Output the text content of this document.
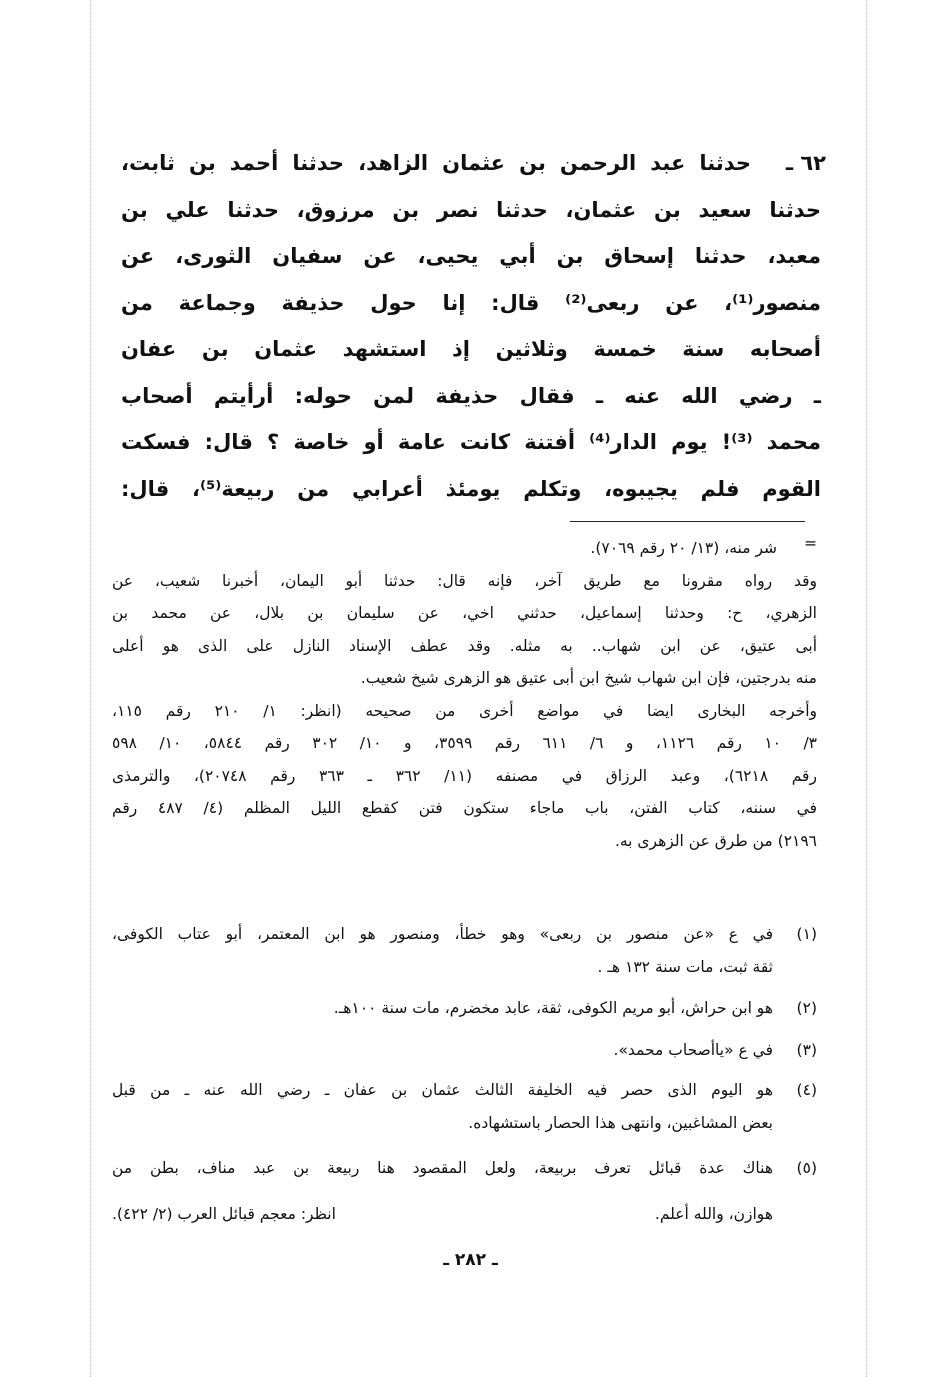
٦٢ ـ
حدثنا عبد الرحمن بن عثمان الزاهد، حدثنا أحمد بن ثابت،
حدثنا سعيد بن عثمان، حدثنا نصر بن مرزوق، حدثنا علي بن
معبد، حدثنا إسحاق بن أبي يحيى، عن سفيان الثورى، عن
منصور⁽¹⁾، عن ربعى⁽²⁾ قال: إنا حول حذيفة وجماعة من
أصحابه سنة خمسة وثلاثين إذ استشهد عثمان بن عفان
ـ رضي الله عنه ـ فقال حذيفة لمن حوله: أرأيتم أصحاب
محمد ⁽³⁾! يوم الدار⁽⁴⁾ أفتنة كانت عامة أو خاصة ؟ قال: فسكت
القوم فلم يجيبوه، وتكلم يومئذ أعرابي من ربيعة⁽⁵⁾، قال:
=
شر منه، (١٣/ ٢٠ رقم ٧٠٦٩).
وقد رواه مقرونا مع طريق آخر، فإنه قال: حدثنا أبو اليمان، أخبرنا شعيب، عن
الزهري، ح: وحدثنا إسماعيل، حدثني اخي، عن سليمان بن بلال، عن محمد بن
أبى عتيق، عن ابن شهاب.. به مثله. وقد عطف الإسناد النازل على الذى هو أعلى
منه بدرجتين، فإن ابن شهاب شيخ ابن أبى عتيق هو الزهرى شيخ شعيب.
وأخرجه البخارى ايضا في مواضع أخرى من صحيحه (انظر: ١/ ٢١٠ رقم ١١٥،
٣/ ١٠ رقم ١١٢٦، و ٦/ ٦١١ رقم ٣٥٩٩، و ١٠/ ٣٠٢ رقم ٥٨٤٤، ١٠/ ٥٩٨
رقم ٦٢١٨)، وعبد الرزاق في مصنفه (١١/ ٣٦٢ ـ ٣٦٣ رقم ٢٠٧٤٨)، والترمذى
في سننه، كتاب الفتن، باب ماجاء ستكون فتن كقطع الليل المظلم (٤/ ٤٨٧ رقم
٢١٩٦) من طرق عن الزهرى به.
(١)
في ع «عن منصور بن ربعى» وهو خطأ، ومنصور هو ابن المعتمر، أبو عتاب الكوفى،
ثقة ثبت، مات سنة ١٣٢ هـ .
(٢)
هو ابن حراش، أبو مريم الكوفى، ثقة، عابد مخضرم، مات سنة ١٠٠هـ.
(٣)
في ع «ياأصحاب محمد».
(٤)
هو اليوم الذى حصر فيه الخليفة الثالث عثمان بن عفان ـ رضي الله عنه ـ من قبل
بعض المشاغبين، وانتهى هذا الحصار باستشهاده.
(٥)
هناك عدة قبائل تعرف بربيعة، ولعل المقصود هنا ربيعة بن عبد مناف، بطن من
هوازن، والله أعلم.
انظر: معجم قبائل العرب (٢/ ٤٢٢).
ـ ٢٨٢ ـ
